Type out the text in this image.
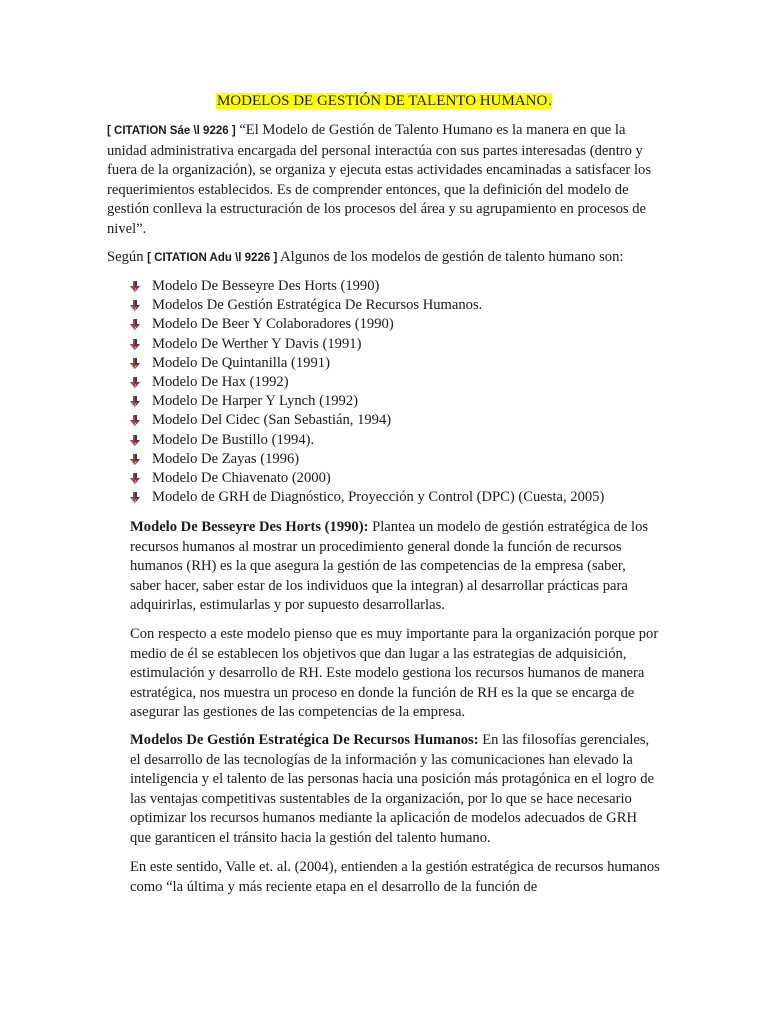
MODELOS DE GESTIÓN DE TALENTO HUMANO.
[ CITATION Sáe \l 9226 ] “El Modelo de Gestión de Talento Humano es la manera en que la unidad administrativa encargada del personal interactúa con sus partes interesadas (dentro y fuera de la organización), se organiza y ejecuta estas actividades encaminadas a satisfacer los requerimientos establecidos. Es de comprender entonces, que la definición del modelo de gestión conlleva la estructuración de los procesos del área y su agrupamiento en procesos de nivel”.
Según [ CITATION Adu \l 9226 ] Algunos de los modelos de gestión de talento humano son:
Modelo De Besseyre Des Horts (1990)
Modelos De Gestión Estratégica De Recursos Humanos.
Modelo De Beer Y Colaboradores (1990)
Modelo De Werther Y Davis (1991)
Modelo De Quintanilla (1991)
Modelo De Hax (1992)
Modelo De Harper Y Lynch (1992)
Modelo Del Cidec (San Sebastián, 1994)
Modelo De Bustillo (1994).
Modelo De Zayas (1996)
Modelo De Chiavenato (2000)
Modelo de GRH de Diagnóstico, Proyección y Control (DPC) (Cuesta, 2005)

Modelo De Besseyre Des Horts (1990): Plantea un modelo de gestión estratégica de los recursos humanos al mostrar un procedimiento general donde la función de recursos humanos (RH) es la que asegura la gestión de las competencias de la empresa (saber, saber hacer, saber estar de los individuos que la integran) al desarrollar prácticas para adquirirlas, estimularlas y por supuesto desarrollarlas.

Con respecto a este modelo pienso que es muy importante para la organización porque por medio de él se establecen los objetivos que dan lugar a las estrategias de adquisición, estimulación y desarrollo de RH. Este modelo gestiona los recursos humanos de manera estratégica, nos muestra un proceso en donde la función de RH es la que se encarga de asegurar las gestiones de las competencias de la empresa.

Modelos De Gestión Estratégica De Recursos Humanos: En las filosofías gerenciales, el desarrollo de las tecnologías de la información y las comunicaciones han elevado la inteligencia y el talento de las personas hacia una posición más protagónica en el logro de las ventajas competitivas sustentables de la organización, por lo que se hace necesario optimizar los recursos humanos mediante la aplicación de modelos adecuados de GRH que garanticen el tránsito hacia la gestión del talento humano.

En este sentido, Valle et. al. (2004), entienden a la gestión estratégica de recursos humanos como “la última y más reciente etapa en el desarrollo de la función de
